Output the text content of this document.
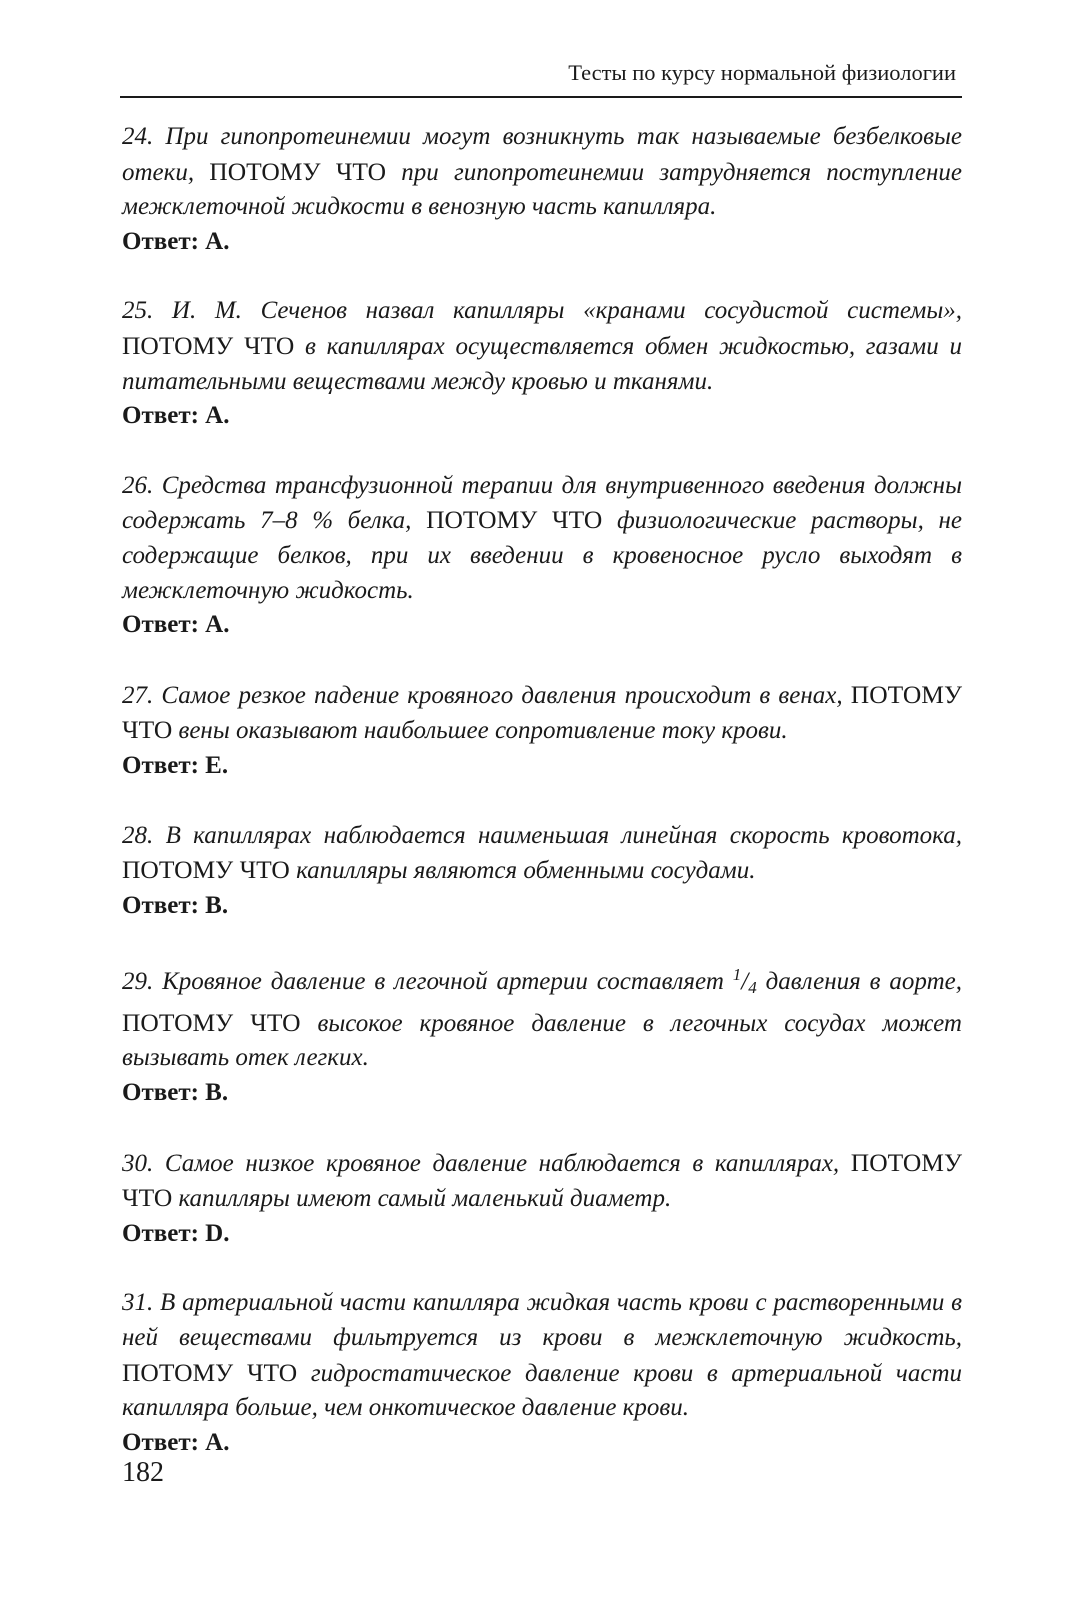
Тесты по курсу нормальной физиологии
24. При гипопротеинемии могут возникнуть так называемые безбелковые отеки, ПОТОМУ ЧТО при гипопротеинемии затрудняется поступление межклеточной жидкости в венозную часть капилляра.
Ответ: А.
25. И. М. Сеченов назвал капилляры «кранами сосудистой системы», ПОТОМУ ЧТО в капиллярах осуществляется обмен жидкостью, газами и питательными веществами между кровью и тканями.
Ответ: А.
26. Средства трансфузионной терапии для внутривенного введения должны содержать 7–8 % белка, ПОТОМУ ЧТО физиологические растворы, не содержащие белков, при их введении в кровеносное русло выходят в межклеточную жидкость.
Ответ: А.
27. Самое резкое падение кровяного давления происходит в венах, ПОТОМУ ЧТО вены оказывают наибольшее сопротивление току крови.
Ответ: Е.
28. В капиллярах наблюдается наименьшая линейная скорость кровотока, ПОТОМУ ЧТО капилляры являются обменными сосудами.
Ответ: В.
29. Кровяное давление в легочной артерии составляет $^1$/4 давления в аорте, ПОТОМУ ЧТО высокое кровяное давление в легочных сосудах может вызывать отек легких.
Ответ: В.
30. Самое низкое кровяное давление наблюдается в капиллярах, ПОТОМУ ЧТО капилляры имеют самый маленький диаметр.
Ответ: D.
31. В артериальной части капилляра жидкая часть крови с растворенными в ней веществами фильтруется из крови в межклеточную жидкость, ПОТОМУ ЧТО гидростатическое давление крови в артериальной части капилляра больше, чем онкотическое давление крови.
Ответ: А.
182
